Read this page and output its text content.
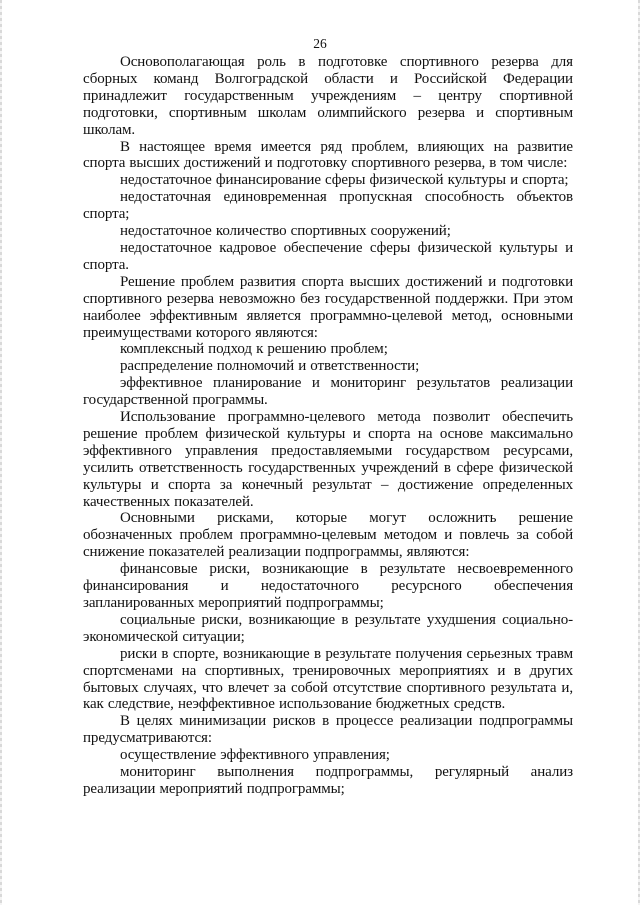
26

Основополагающая роль в подготовке спортивного резерва для сборных команд Волгоградской области и Российской Федерации принадлежит государственным учреждениям – центру спортивной подготовки, спортивным школам олимпийского резерва и спортивным школам.

В настоящее время имеется ряд проблем, влияющих на развитие спорта высших достижений и подготовку спортивного резерва, в том числе:

недостаточное финансирование сферы физической культуры и спорта;

недостаточная единовременная пропускная способность объектов спорта;

недостаточное количество спортивных сооружений;

недостаточное кадровое обеспечение сферы физической культуры и спорта.

Решение проблем развития спорта высших достижений и подготовки спортивного резерва невозможно без государственной поддержки. При этом наиболее эффективным является программно-целевой метод, основными преимуществами которого являются:

комплексный подход к решению проблем;

распределение полномочий и ответственности;

эффективное планирование и мониторинг результатов реализации государственной программы.

Использование программно-целевого метода позволит обеспечить решение проблем физической культуры и спорта на основе максимально эффективного управления предоставляемыми государством ресурсами, усилить ответственность государственных учреждений в сфере физической культуры и спорта за конечный результат – достижение определенных качественных показателей.

Основными рисками, которые могут осложнить решение обозначенных проблем программно-целевым методом и повлечь за собой снижение показателей реализации подпрограммы, являются:

финансовые риски, возникающие в результате несвоевременного финансирования и недостаточного ресурсного обеспечения запланированных мероприятий подпрограммы;

социальные риски, возникающие в результате ухудшения социально-экономической ситуации;

риски в спорте, возникающие в результате получения серьезных травм спортсменами на спортивных, тренировочных мероприятиях и в других бытовых случаях, что влечет за собой отсутствие спортивного результата и, как следствие, неэффективное использование бюджетных средств.

В целях минимизации рисков в процессе реализации подпрограммы предусматриваются:

осуществление эффективного управления;

мониторинг выполнения подпрограммы, регулярный анализ реализации мероприятий подпрограммы;
